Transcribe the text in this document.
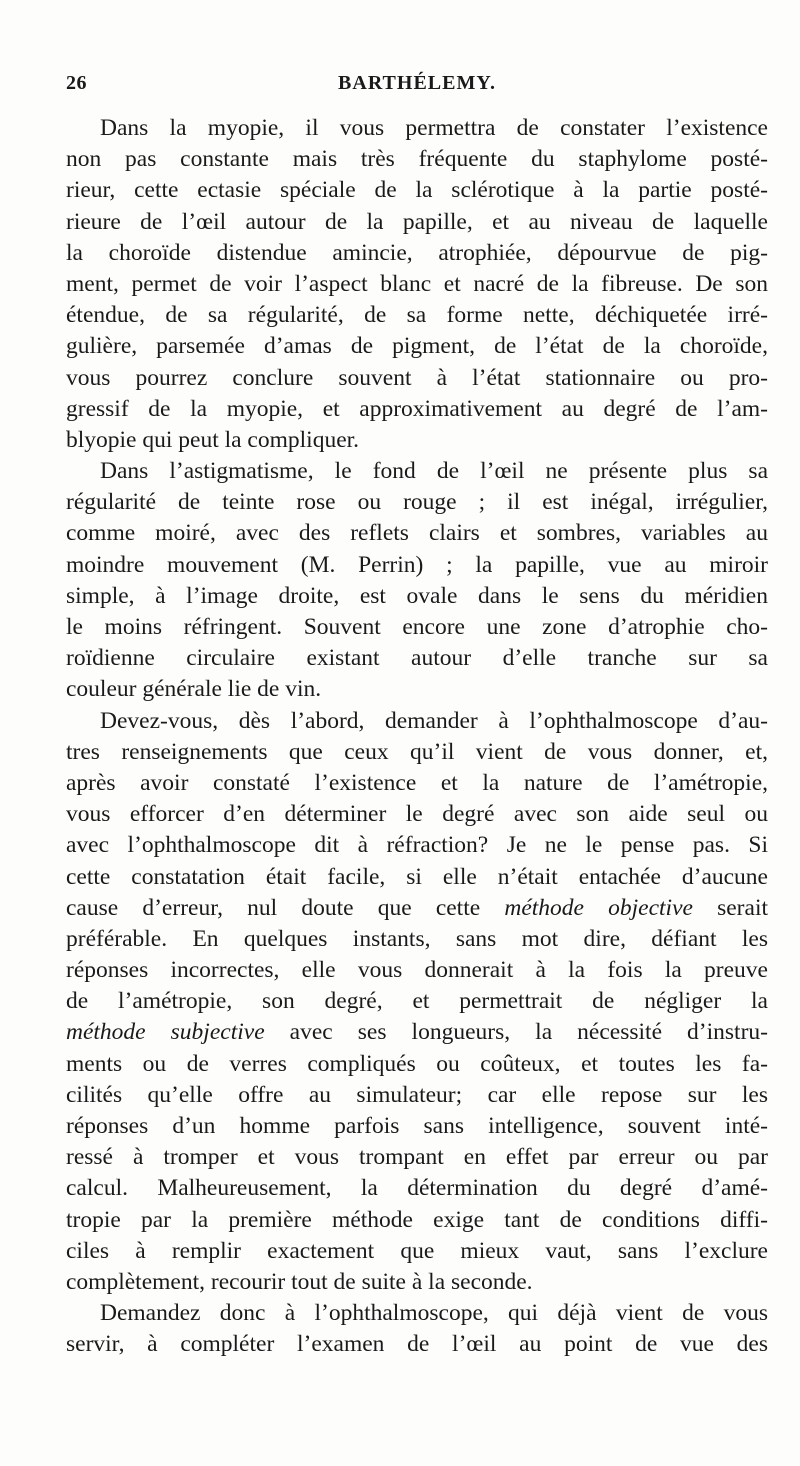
26	BARTHÉLEMY.
Dans la myopie, il vous permettra de constater l’existence
non pas constante mais très fréquente du staphylome posté-
rieur, cette ectasie spéciale de la sclérotique à la partie posté-
rieure de l’œil autour de la papille, et au niveau de laquelle
la choroïde distendue amincie, atrophiée, dépourvue de pig-
ment, permet de voir l’aspect blanc et nacré de la fibreuse. De son
étendue, de sa régularité, de sa forme nette, déchiquetée irré-
gulière, parsemée d’amas de pigment, de l’état de la choroïde,
vous pourrez conclure souvent à l’état stationnaire ou pro-
gressif de la myopie, et approximativement au degré de l’am-
blyopie qui peut la compliquer.
Dans l’astigmatisme, le fond de l’œil ne présente plus sa
régularité de teinte rose ou rouge ; il est inégal, irrégulier,
comme moiré, avec des reflets clairs et sombres, variables au
moindre mouvement (M. Perrin) ; la papille, vue au miroir
simple, à l’image droite, est ovale dans le sens du méridien
le moins réfringent. Souvent encore une zone d’atrophie cho-
roïdienne circulaire existant autour d’elle tranche sur sa
couleur générale lie de vin.
Devez-vous, dès l’abord, demander à l’ophthalmoscope d’au-
tres renseignements que ceux qu’il vient de vous donner, et,
après avoir constaté l’existence et la nature de l’amétropie,
vous efforcer d’en déterminer le degré avec son aide seul ou
avec l’ophthalmoscope dit à réfraction? Je ne le pense pas. Si
cette constatation était facile, si elle n’était entachée d’aucune
cause d’erreur, nul doute que cette méthode objective serait
préférable. En quelques instants, sans mot dire, défiant les
réponses incorrectes, elle vous donnerait à la fois la preuve
de l’amétropie, son degré, et permettrait de négliger la
méthode subjective avec ses longueurs, la nécessité d’instru-
ments ou de verres compliqués ou coûteux, et toutes les fa-
cilités qu’elle offre au simulateur; car elle repose sur les
réponses d’un homme parfois sans intelligence, souvent inté-
ressé à tromper et vous trompant en effet par erreur ou par
calcul. Malheureusement, la détermination du degré d’amé-
tropie par la première méthode exige tant de conditions diffi-
ciles à remplir exactement que mieux vaut, sans l’exclure
complètement, recourir tout de suite à la seconde.
Demandez donc à l’ophthalmoscope, qui déjà vient de vous
servir, à compléter l’examen de l’œil au point de vue des
